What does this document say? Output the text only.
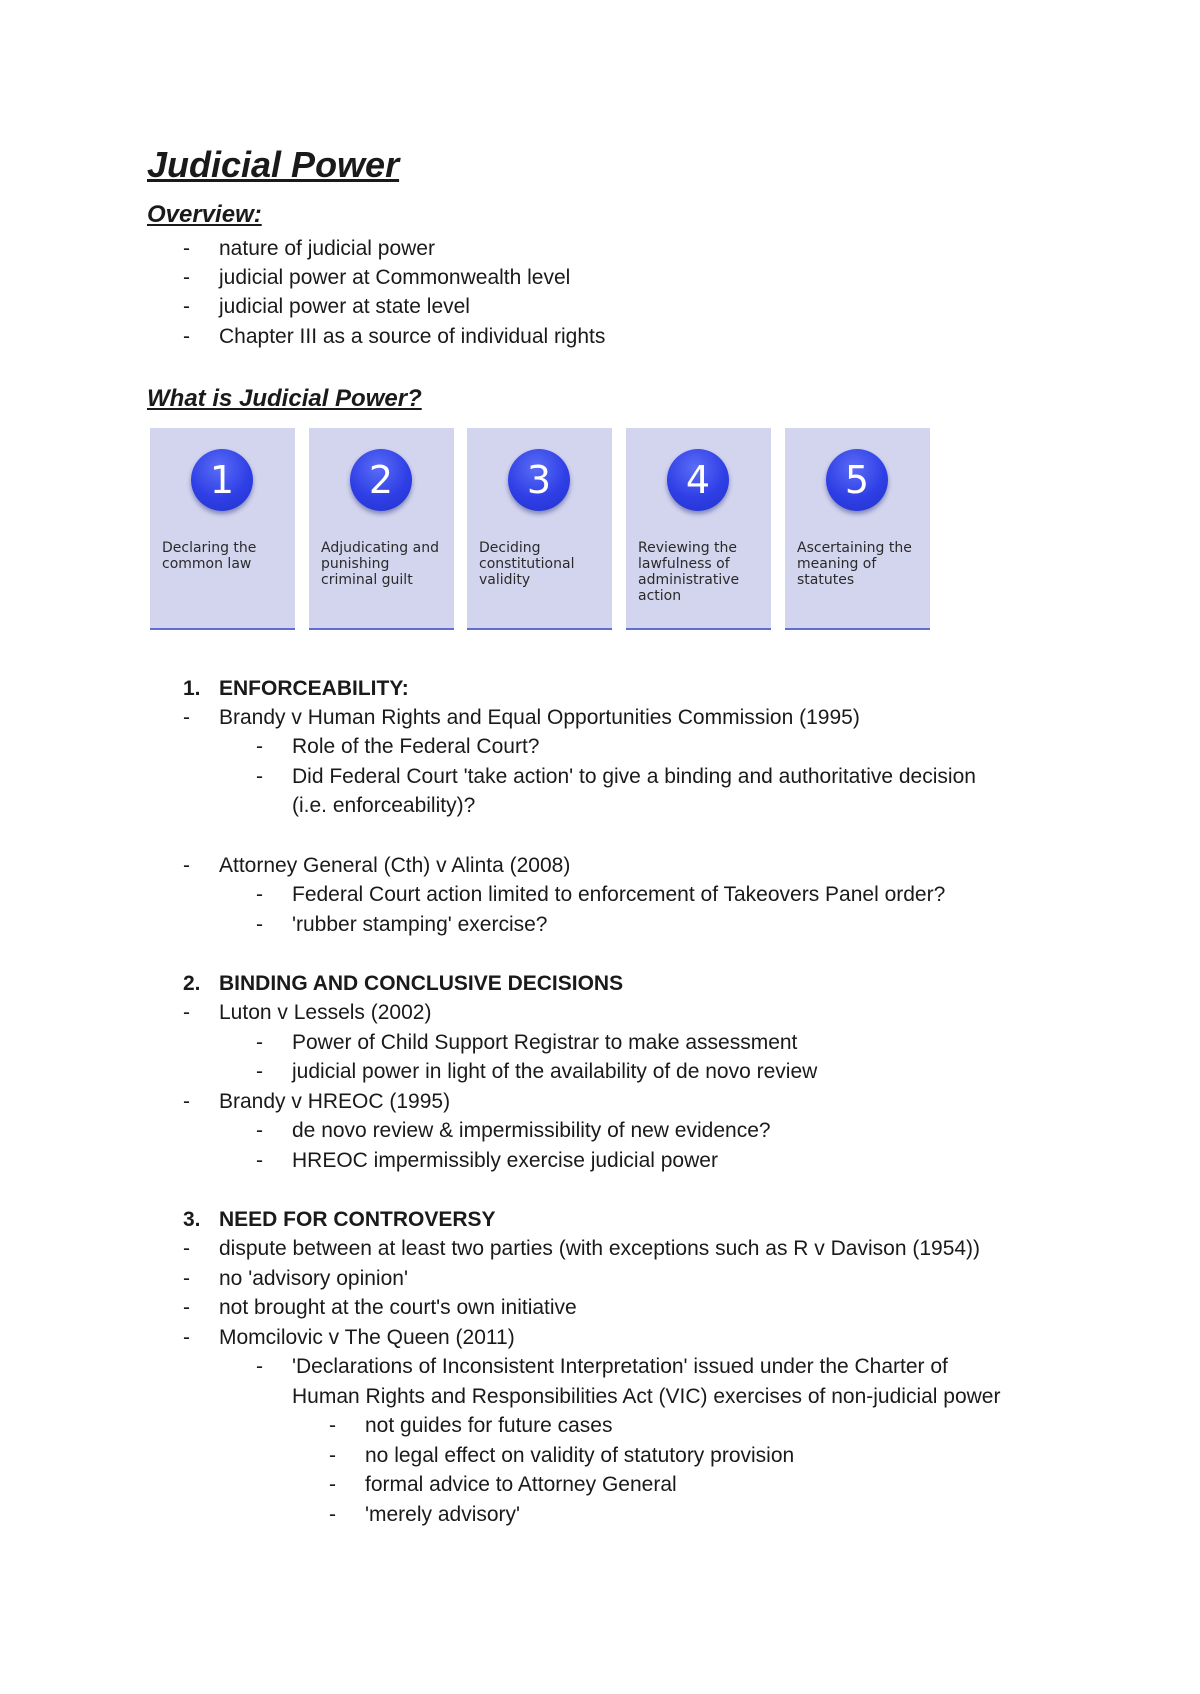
Judicial Power
Overview:
- nature of judicial power
- judicial power at Commonwealth level
- judicial power at state level
- Chapter III as a source of individual rights
What is Judicial Power?
1
Declaring the common law
2
Adjudicating and punishing criminal guilt
3
Deciding constitutional validity
4
Reviewing the lawfulness of administrative action
5
Ascertaining the meaning of statutes
1. ENFORCEABILITY:
- Brandy v Human Rights and Equal Opportunities Commission (1995)
- Role of the Federal Court?
- Did Federal Court 'take action' to give a binding and authoritative decision
(i.e. enforceability)?
- Attorney General (Cth) v Alinta (2008)
- Federal Court action limited to enforcement of Takeovers Panel order?
- 'rubber stamping' exercise?
2. BINDING AND CONCLUSIVE DECISIONS
- Luton v Lessels (2002)
- Power of Child Support Registrar to make assessment
- judicial power in light of the availability of de novo review
- Brandy v HREOC (1995)
- de novo review & impermissibility of new evidence?
- HREOC impermissibly exercise judicial power
3. NEED FOR CONTROVERSY
- dispute between at least two parties (with exceptions such as R v Davison (1954))
- no 'advisory opinion'
- not brought at the court's own initiative
- Momcilovic v The Queen (2011)
- 'Declarations of Inconsistent Interpretation' issued under the Charter of
Human Rights and Responsibilities Act (VIC) exercises of non-judicial power
- not guides for future cases
- no legal effect on validity of statutory provision
- formal advice to Attorney General
- 'merely advisory'
